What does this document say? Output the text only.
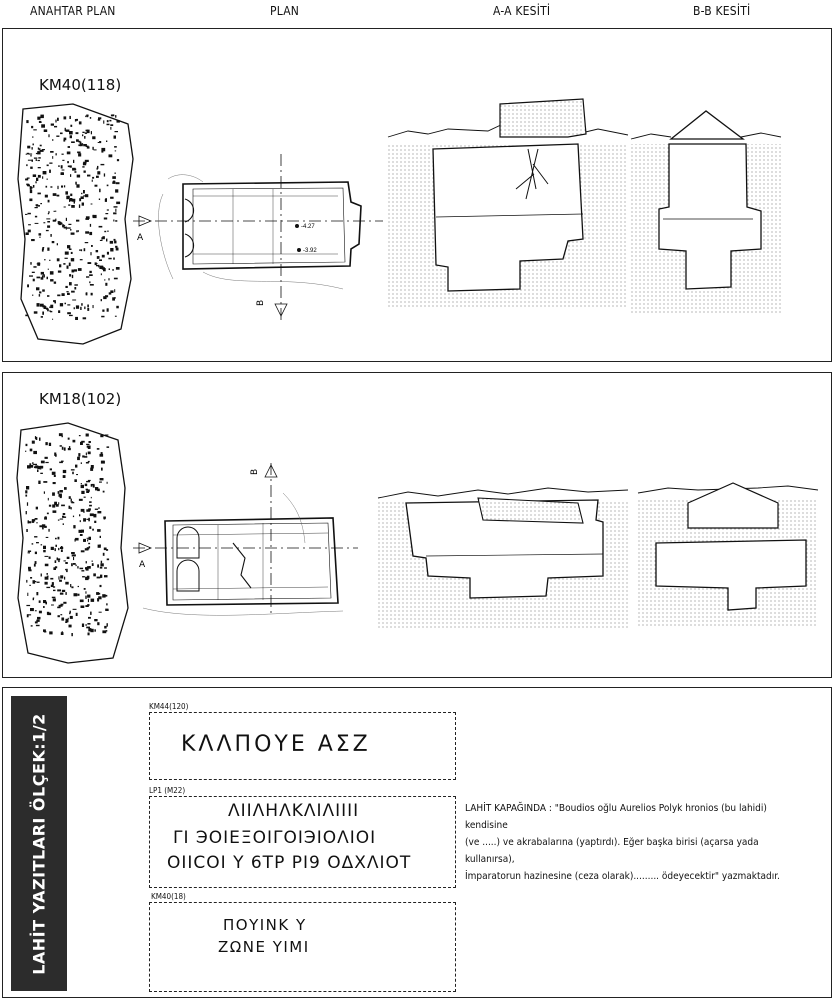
ANAHTAR PLAN	PLAN	A-A KESİTİ	B-B KESİTİ
KM40(118)
A
B
-4.27
-3.92
KM18(102)
A
B
LAHİT YAZITLARI ÖLÇEK:1/2
KM44(120)
ΚΛΛΠΟΥΕ ΑΣΖ
LP1 (M22)
ΛΙΙΛΗΛΚΛΙΛΙΙΙΙ
ΓΙ ЭΟΙΕΞΟΙΓΟΙЭΙΟΛΙΟΙ
ΟΙΙϹΟΙ Υ 6ΤΡ ΡΙ9 ΟΔΧΛΙΟΤ
KM40(18)
ΠΟΥΙΝΚ Υ
ΖΩΝΕ ΥΙΜΙ
LAHİT KAPAĞINDA : "Boudios oğlu Aurelios Polyk hronios (bu lahidi) kendisine
(ve .....) ve akrabalarına (yaptırdı). Eğer başka birisi (açarsa yada kullanırsa),
İmparatorun hazinesine (ceza olarak)......... ödeyecektir" yazmaktadır.
